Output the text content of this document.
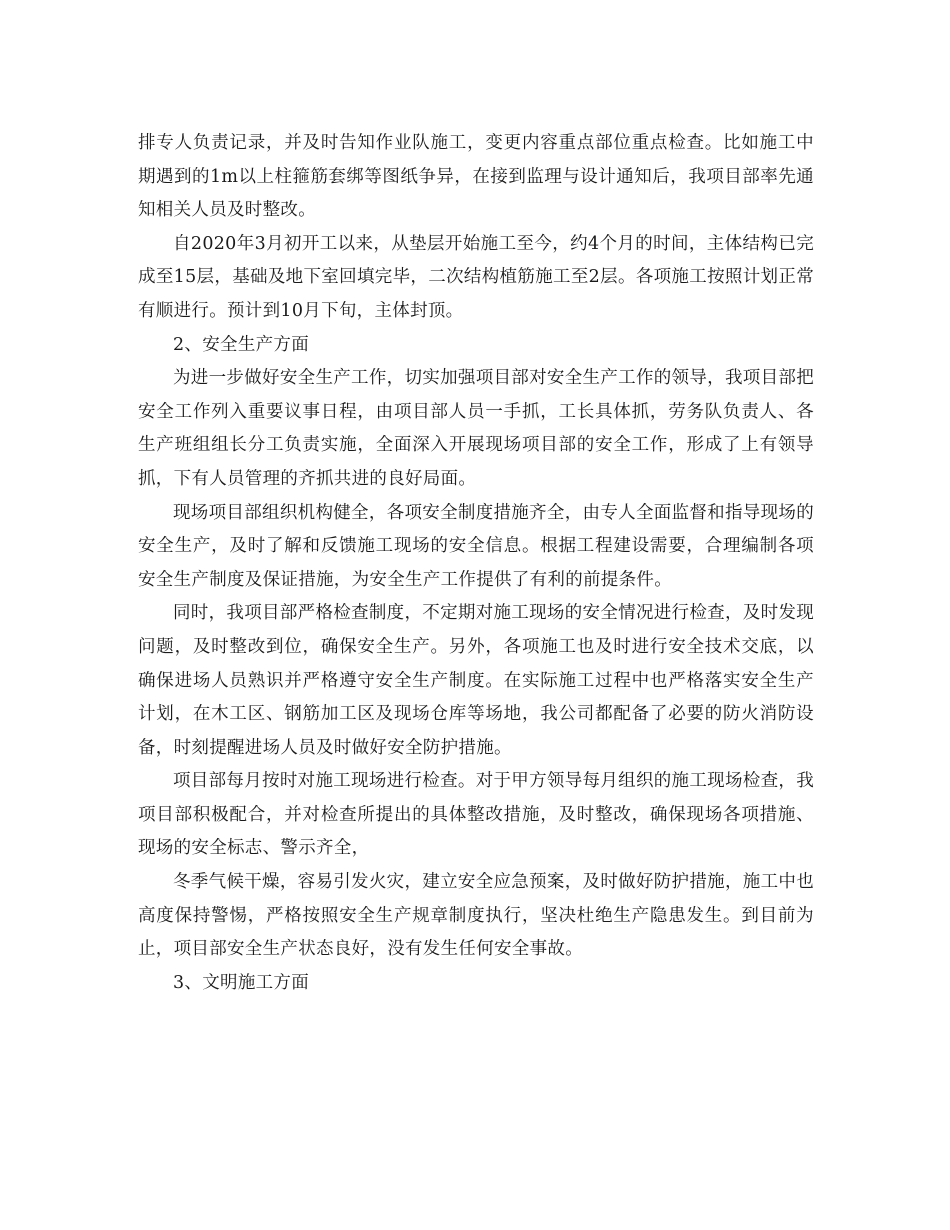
排专人负责记录，并及时告知作业队施工，变更内容重点部位重点检查。比如施工中期遇到的1m以上柱箍筋套绑等图纸争异，在接到监理与设计通知后，我项目部率先通知相关人员及时整改。

自2020年3月初开工以来，从垫层开始施工至今，约4个月的时间，主体结构已完成至15层，基础及地下室回填完毕，二次结构植筋施工至2层。各项施工按照计划正常有顺进行。预计到10月下旬，主体封顶。

2、安全生产方面

为进一步做好安全生产工作，切实加强项目部对安全生产工作的领导，我项目部把安全工作列入重要议事日程，由项目部人员一手抓，工长具体抓，劳务队负责人、各生产班组组长分工负责实施，全面深入开展现场项目部的安全工作，形成了上有领导抓，下有人员管理的齐抓共进的良好局面。

现场项目部组织机构健全，各项安全制度措施齐全，由专人全面监督和指导现场的安全生产，及时了解和反馈施工现场的安全信息。根据工程建设需要，合理编制各项安全生产制度及保证措施，为安全生产工作提供了有利的前提条件。

同时，我项目部严格检查制度，不定期对施工现场的安全情况进行检查，及时发现问题，及时整改到位，确保安全生产。另外，各项施工也及时进行安全技术交底，以确保进场人员熟识并严格遵守安全生产制度。在实际施工过程中也严格落实安全生产计划，在木工区、钢筋加工区及现场仓库等场地，我公司都配备了必要的防火消防设备，时刻提醒进场人员及时做好安全防护措施。

项目部每月按时对施工现场进行检查。对于甲方领导每月组织的施工现场检查，我项目部积极配合，并对检查所提出的具体整改措施，及时整改，确保现场各项措施、现场的安全标志、警示齐全，

冬季气候干燥，容易引发火灾，建立安全应急预案，及时做好防护措施，施工中也高度保持警惕，严格按照安全生产规章制度执行，坚决杜绝生产隐患发生。到目前为止，项目部安全生产状态良好，没有发生任何安全事故。

3、文明施工方面
